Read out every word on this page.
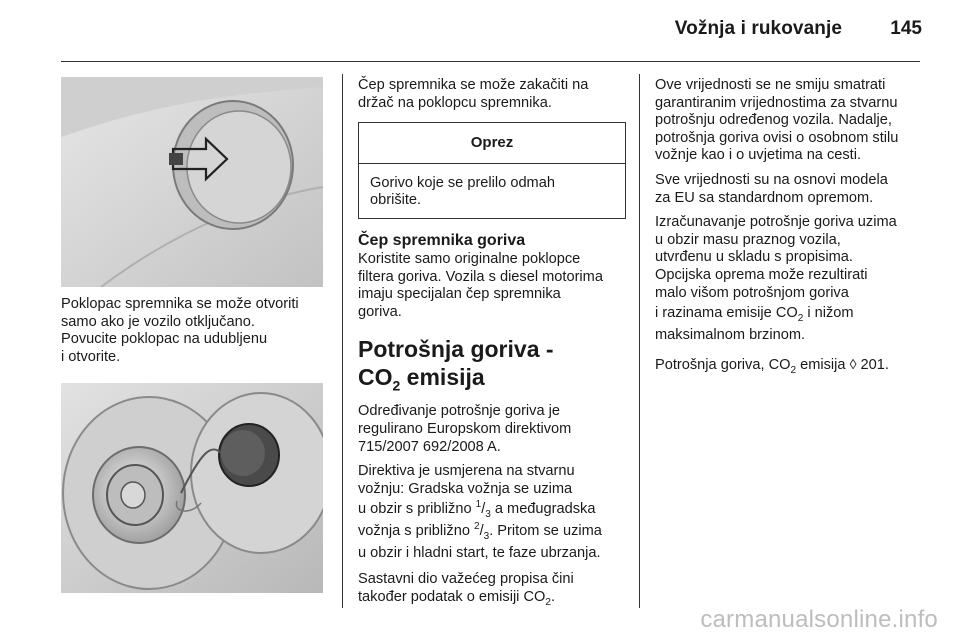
Vožnja i rukovanje	145
Poklopac spremnika se može otvoriti
samo ako je vozilo otključano.
Povucite poklopac na udubljenu
i otvorite.
Čep spremnika se može zakačiti na
držač na poklopcu spremnika.
Oprez
Gorivo koje se prelilo odmah
obrišite.
Čep spremnika goriva
Koristite samo originalne poklopce
filtera goriva. Vozila s diesel motorima
imaju specijalan čep spremnika
goriva.
Potrošnja goriva -
$CO_2$ emisija

Određivanje potrošnje goriva je
regulirano Europskom direktivom
715/2007 692/2008 A.

Direktiva je usmjerena na stvarnu
vožnju: Gradska vožnja se uzima
u obzir s približno $^1/_3$ a međugradska
vožnja s približno $^2/_3$. Pritom se uzima
u obzir i hladni start, te faze ubrzanja.

Sastavni dio važećeg propisa čini
također podatak o emisiji $CO_2$.

Ove vrijednosti se ne smiju smatrati
garantiranim vrijednostima za stvarnu
potrošnju određenog vozila. Nadalje,
potrošnja goriva ovisi o osobnom stilu
vožnje kao i o uvjetima na cesti.

Sve vrijednosti su na osnovi modela
za EU sa standardnom opremom.

Izračunavanje potrošnje goriva uzima
u obzir masu praznog vozila,
utvrđenu u skladu s propisima.
Opcijska oprema može rezultirati
malo višom potrošnjom goriva
i razinama emisije $CO_2$ i nižom
maksimalnom brzinom.

Potrošnja goriva, $CO_2$ emisija ◊ 201.

carmanualsonline.info
